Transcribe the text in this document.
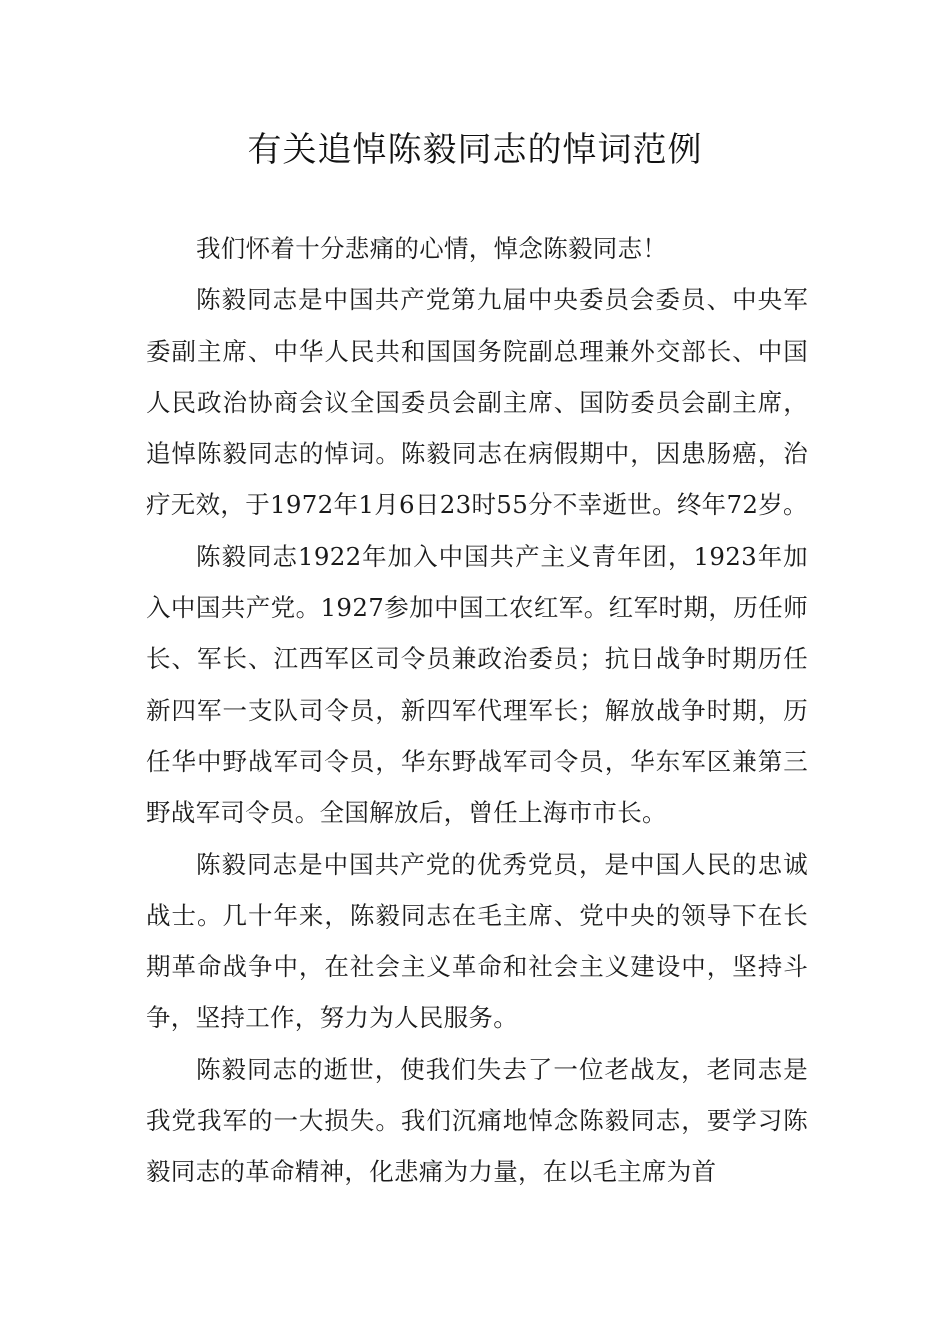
有关追悼陈毅同志的悼词范例

我们怀着十分悲痛的心情，悼念陈毅同志！

陈毅同志是中国共产党第九届中央委员会委员、中央军委副主席、中华人民共和国国务院副总理兼外交部长、中国人民政治协商会议全国委员会副主席、国防委员会副主席，追悼陈毅同志的悼词。陈毅同志在病假期中，因患肠癌，治疗无效，于1972年1月6日23时55分不幸逝世。终年72岁。

陈毅同志1922年加入中国共产主义青年团，1923年加入中国共产党。1927参加中国工农红军。红军时期，历任师长、军长、江西军区司令员兼政治委员；抗日战争时期历任新四军一支队司令员，新四军代理军长；解放战争时期，历任华中野战军司令员，华东野战军司令员，华东军区兼第三野战军司令员。全国解放后，曾任上海市市长。

陈毅同志是中国共产党的优秀党员，是中国人民的忠诚战士。几十年来，陈毅同志在毛主席、党中央的领导下在长期革命战争中，在社会主义革命和社会主义建设中，坚持斗争，坚持工作，努力为人民服务。

陈毅同志的逝世，使我们失去了一位老战友，老同志是我党我军的一大损失。我们沉痛地悼念陈毅同志，要学习陈毅同志的革命精神，化悲痛为力量，在以毛主席为首
